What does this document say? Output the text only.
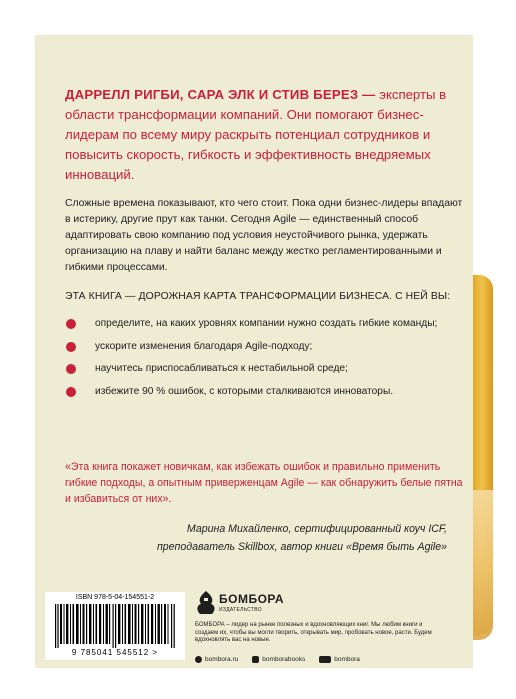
ДАРРЕЛЛ РИГБИ, САРА ЭЛК И СТИВ БЕРЕЗ — эксперты в области трансформации компаний. Они помогают бизнес-лидерам по всему миру раскрыть потенциал сотрудников и повысить скорость, гибкость и эффективность внедряемых инноваций.

Сложные времена показывают, кто чего стоит. Пока одни бизнес-лидеры впадают в истерику, другие прут как танки. Сегодня Agile — единственный способ адаптировать свою компанию под условия неустойчивого рынка, удержать организацию на плаву и найти баланс между жестко регламентированными и гибкими процессами.

ЭТА КНИГА — ДОРОЖНАЯ КАРТА ТРАНСФОРМАЦИИ БИЗНЕСА. С НЕЙ ВЫ:

определите, на каких уровнях компании нужно создать гибкие команды;
ускорите изменения благодаря Agile-подходу;
научитесь приспосабливаться к нестабильной среде;
избежите 90 % ошибок, с которыми сталкиваются инноваторы.

«Эта книга покажет новичкам, как избежать ошибок и правильно применить гибкие подходы, а опытным приверженцам Agile — как обнаружить белые пятна и избавиться от них».

Марина Михайленко, сертифицированный коуч ICF,
преподаватель Skillbox, автор книги «Время быть Agile»

ISBN 978-5-04-154551-2
9 785041 545512 >
БОМБОРА
ИЗДАТЕЛЬСТВО

БОМБОРА – лидер на рынке полезных и вдохновляющих книг. Мы любим книги и создаем их, чтобы вы могли творить, открывать мир, пробовать новое, расти. Будем вдохновлять вас на новые.

bombora.ru	bomborabooks	bombora
